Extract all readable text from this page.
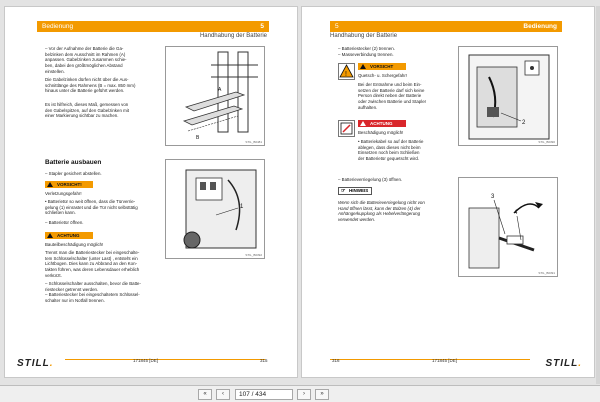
Bedienung	5
Handhabung der Batterie
– Vor der Aufnahme der Batterie die Ga-
belzinken dem Ausschnitt im Rahmen (A)
anpassen. Gabelzinken zusammen schie-
ben, dabei den größtmöglichen Abstand
einstellen.
Die Gabelzinken dürfen nicht über die Aus-
schnittlänge des Rahmens (B = max. 850 mm)
hinaus unter die Batterie geführt werden.
Es ist hilfreich, dieses Maß, gemessen von
den Gabelspitzen, auf den Gabelzinken mit
einer Markierung sichtbar zu machen.
A
B
STIL_B0481
Batterie ausbauen
– Stapler gesichert abstellen.
VORSICHT!
Verletzungsgefahr!
• Batterietür so weit öffnen, dass die Türverrie-
gelung (1) einrastet und die Tür nicht selbsttätig
schließen kann.
– Batterietür öffnen.
ACHTUNG
Bauteilbeschädigung möglich!
Trennt man die Batteriestecker bei eingeschalte-
tem Schlüsselschalter (unter Last) , entsteht ein
Lichtbogen. Dies kann zu Abbrand an den Kon-
takten führen, was deren Lebensdauer erheblich
verkürzt.
– Schlüsselschalter ausschalten, bevor die Batte-
riestecker getrennt werden.
– Batteriestecker bei eingeschaltetem Schlüssel-
schalter nur im Notfall trennen.
1
STIL_B0392
STILL.	171845 [DE]	315
5	Bedienung
Handhabung der Batterie
– Batteriestecker (2) trennen.
– Masseverbindung trennen.
!
VORSICHT
Quetsch- u. Schergefahr!
Bei der Entnahme und beim Ein-
setzen der Batterie darf sich keine
Person direkt neben der Batterie
oder zwischen Batterie und Stapler
aufhalten.
ACHTUNG
Beschädigung möglich!
• Batteriekabel so auf der Batterie
ablegen, dass dieses nicht beim
Einsetzen noch beim Schließen
der Batterietür gequetscht wird.
2
STIL_B0390
– Batterieverriegelung (3) öffnen.
☞ HINWEIS
Wenn sich die Batterieverriegelung nicht von
Hand öffnen lässt, kann der Bolzen (4) der
Anhängerkupplung als Hebelverlängerung
verwendet werden.
3
4
STIL_B0391
316	171845 [DE]	STILL.
«	‹	107 / 434	›	»
